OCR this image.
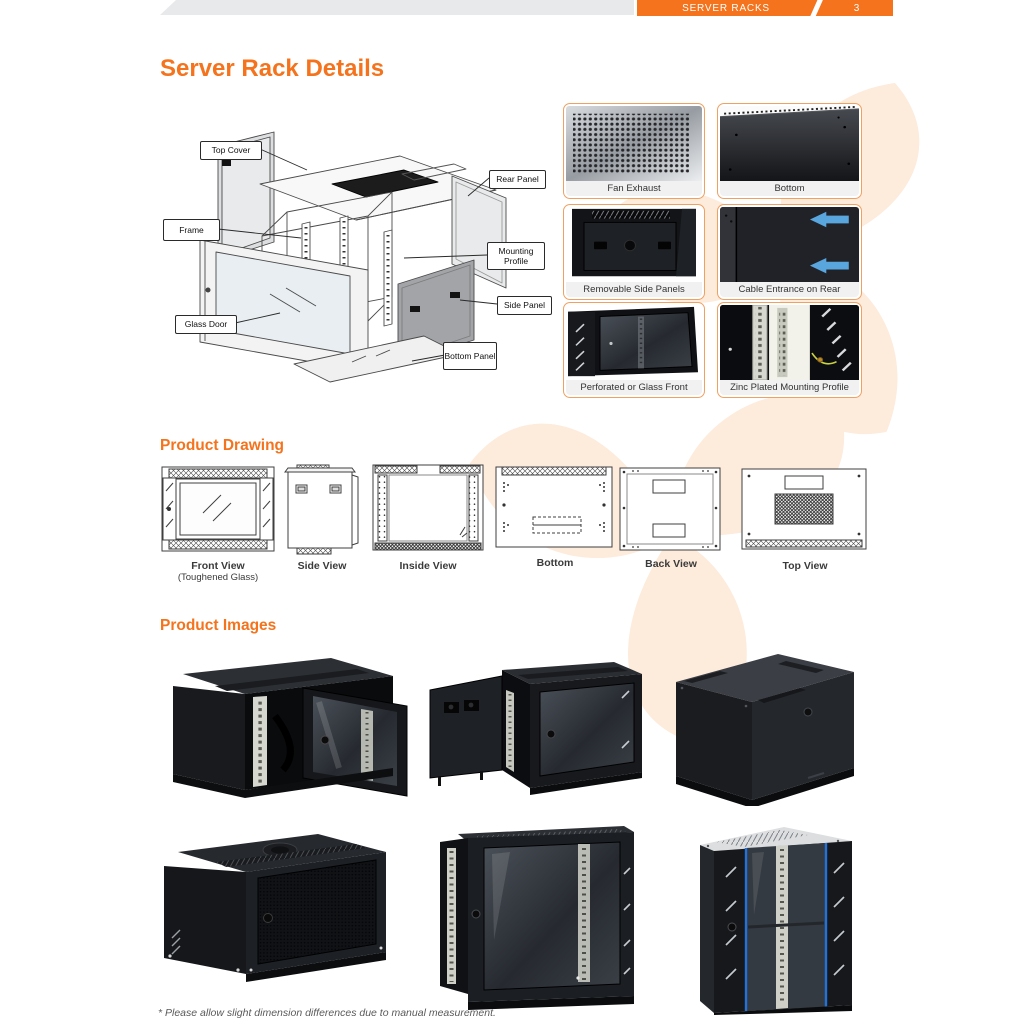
SERVER RACKS	3
Server Rack Details
Top Cover
Rear Panel
Frame
Mounting Profile
Side Panel
Glass Door
Bottom Panel
Fan Exhaust	Bottom
Removable Side Panels	Cable Entrance on Rear
Perforated or Glass Front	Zinc Plated Mounting Profile
Product Drawing
Front View
(Toughened Glass)
Side View	Inside View	Bottom	Back View	Top View
Product Images
* Please allow slight dimension differences due to manual measurement.
